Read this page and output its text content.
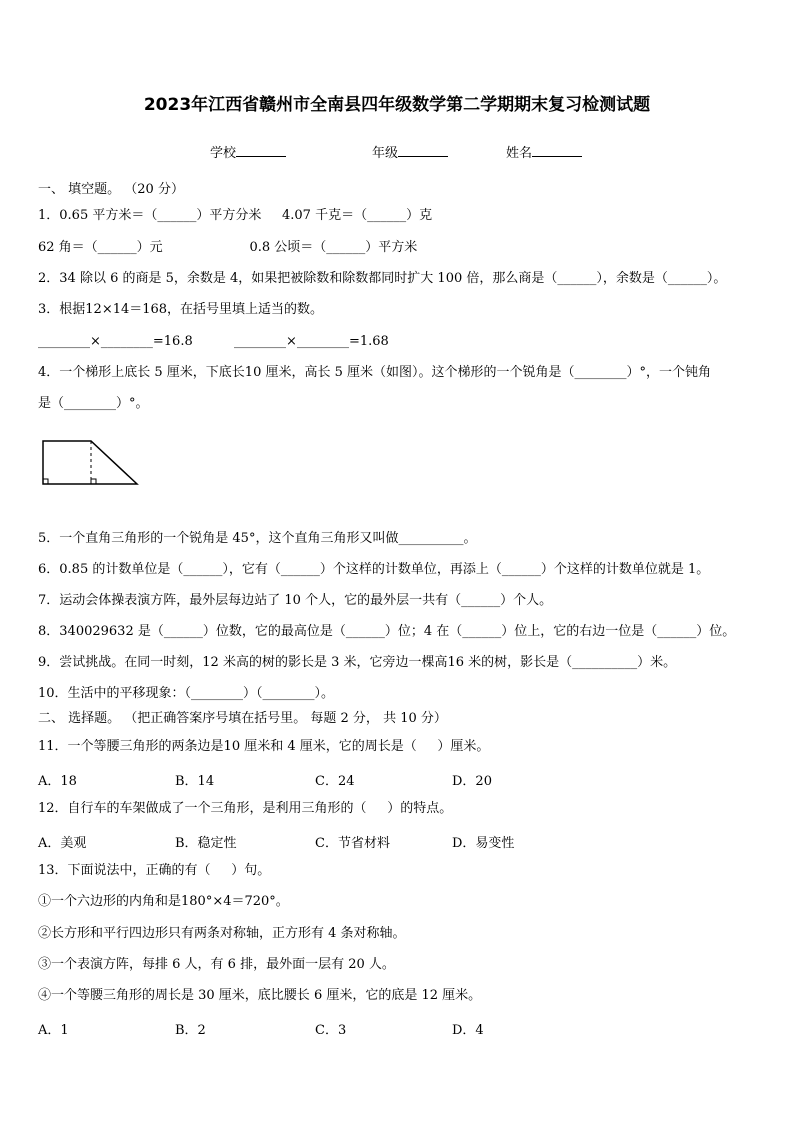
2023年江西省赣州市全南县四年级数学第二学期期末复习检测试题
学校	年级	姓名
一、 填空题。 （20 分）
1．0.65 平方米＝（______）平方分米     4.07 千克＝（______）克
62 角＝（______）元                     0.8 公顷＝（______）平方米
2．34 除以 6 的商是 5，余数是 4，如果把被除数和除数都同时扩大 100 倍，那么商是（______），余数是（______）。
3．根据12×14＝168，在括号里填上适当的数。
________×________=16.8          ________×________=1.68
4．一个梯形上底长 5 厘米，下底长10 厘米，高长 5 厘米（如图）。这个梯形的一个锐角是（________）°，一个钝角
是（________）°。
5．一个直角三角形的一个锐角是 45°，这个直角三角形又叫做__________。
6．0.85 的计数单位是（______），它有（______）个这样的计数单位，再添上（______）个这样的计数单位就是 1。
7．运动会体操表演方阵，最外层每边站了 10 个人，它的最外层一共有（______）个人。
8．340029632 是（______）位数，它的最高位是（______）位；4 在（______）位上，它的右边一位是（______）位。
9．尝试挑战。在同一时刻，12 米高的树的影长是 3 米，它旁边一棵高16 米的树，影长是（__________）米。
10．生活中的平移现象：（________）（________）。
二、 选择题。 （把正确答案序号填在括号里。 每题 2 分， 共 10 分）
11．一个等腰三角形的两条边是10 厘米和 4 厘米，它的周长是（     ）厘米。
A．18	B．14	C．24	D．20
12．自行车的车架做成了一个三角形，是利用三角形的（     ）的特点。
A．美观	B．稳定性	C．节省材料	D．易变性
13．下面说法中，正确的有（     ）句。
①一个六边形的内角和是180°×4＝720°。
②长方形和平行四边形只有两条对称轴，正方形有 4 条对称轴。
③一个表演方阵，每排 6 人，有 6 排，最外面一层有 20 人。
④一个等腰三角形的周长是 30 厘米，底比腰长 6 厘米，它的底是 12 厘米。
A．1	B．2	C．3	D．4
